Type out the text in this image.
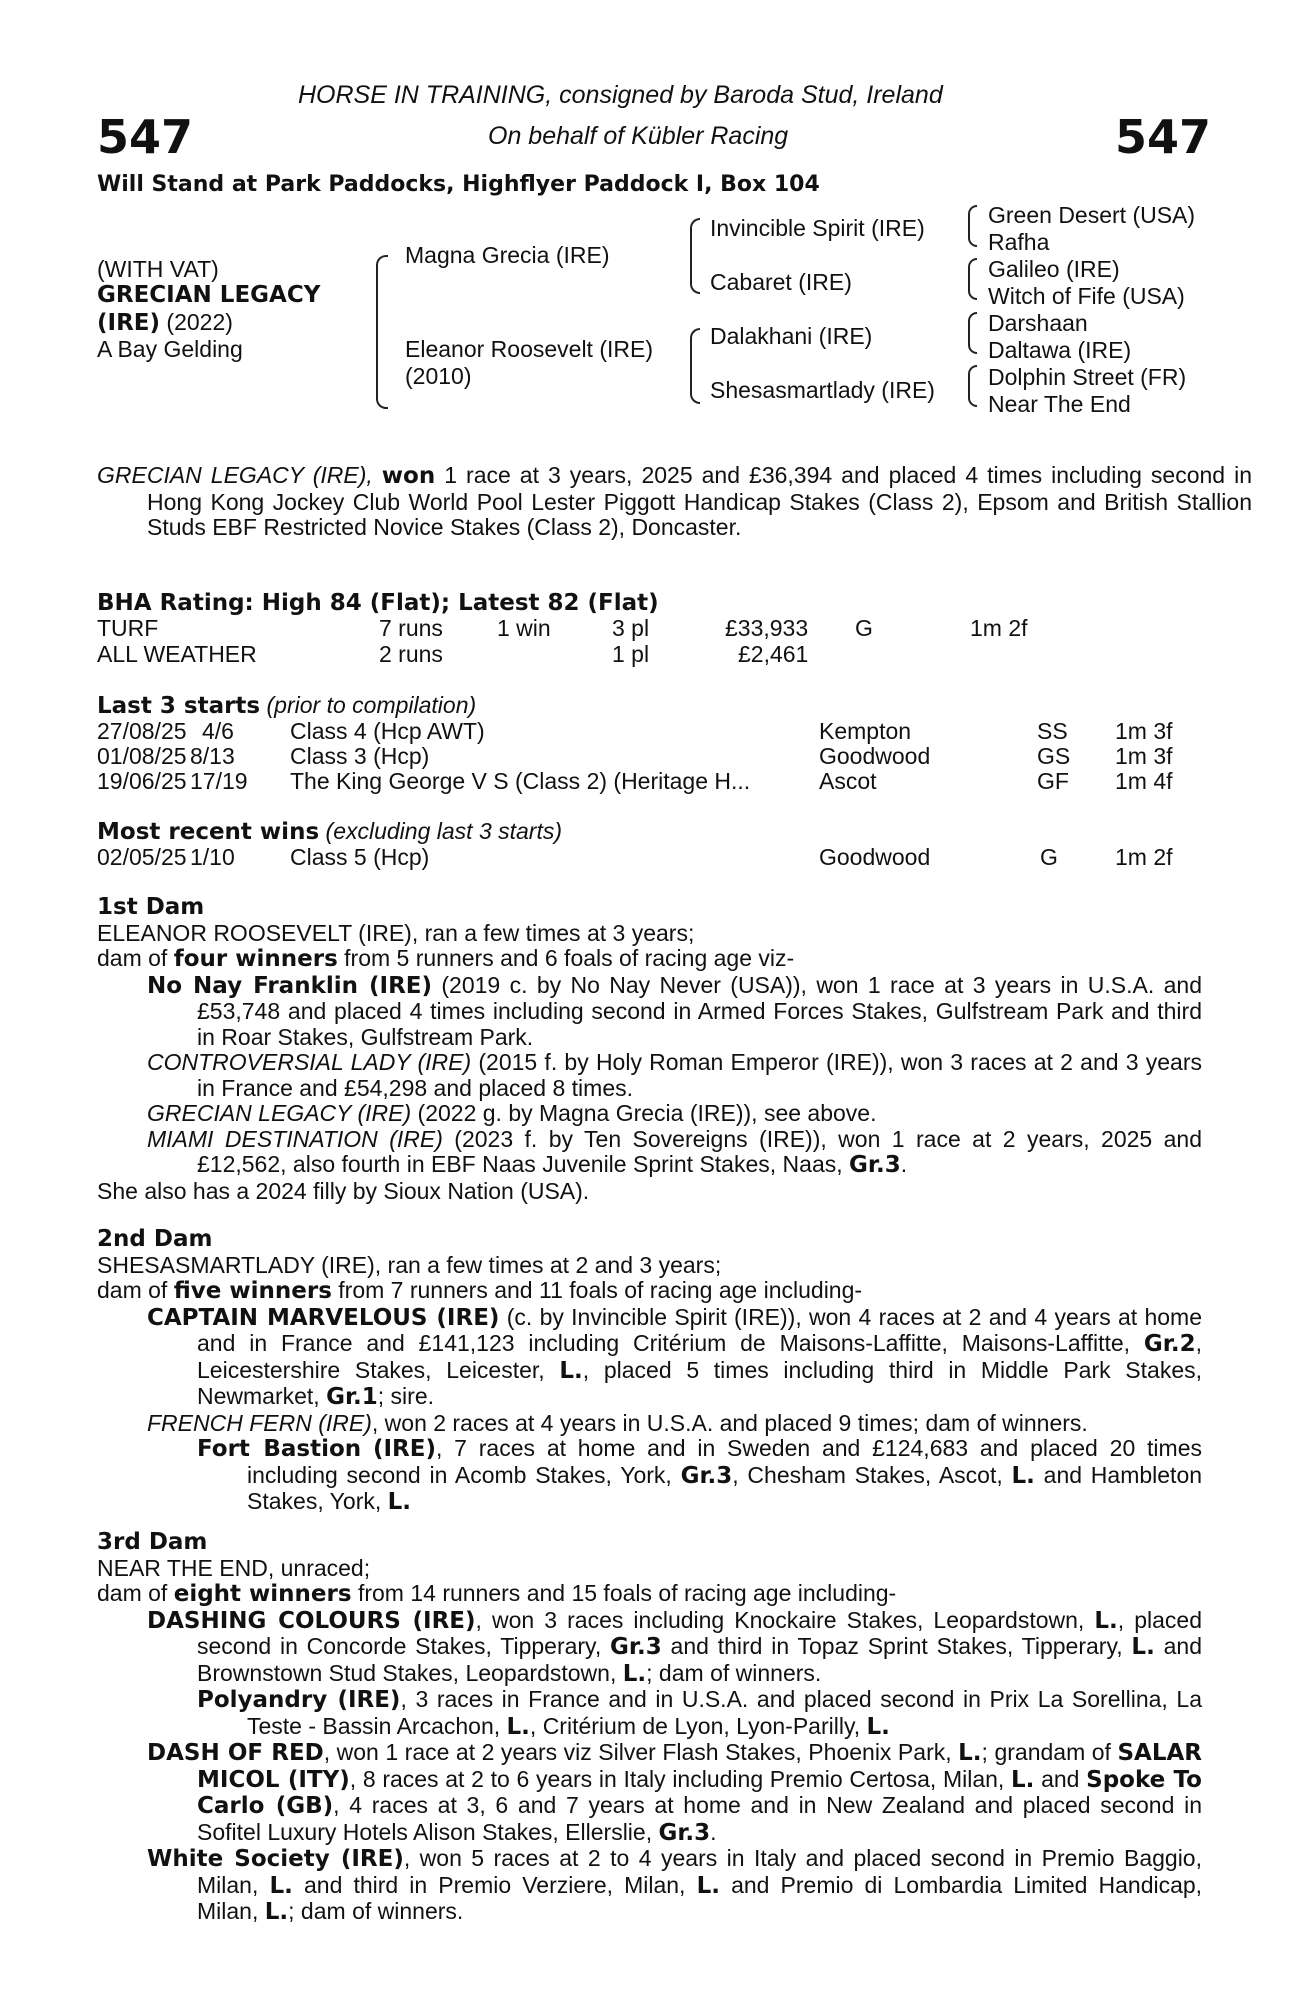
547	547
HORSE IN TRAINING, consigned by Baroda Stud, Ireland
On behalf of Kübler Racing
Will Stand at Park Paddocks, Highflyer Paddock I, Box 104
(WITH VAT)
GRECIAN LEGACY
(IRE) (2022)
A Bay Gelding
Magna Grecia (IRE)
Eleanor Roosevelt (IRE)
(2010)
Invincible Spirit (IRE)
Cabaret (IRE)
Dalakhani (IRE)
Shesasmartlady (IRE)
Green Desert (USA)
Rafha
Galileo (IRE)
Witch of Fife (USA)
Darshaan
Daltawa (IRE)
Dolphin Street (FR)
Near The End
GRECIAN LEGACY (IRE), won 1 race at 3 years, 2025 and £36,394 and placed 4 times including second in Hong Kong Jockey Club World Pool Lester Piggott Handicap Stakes (Class 2), Epsom and British Stallion Studs EBF Restricted Novice Stakes (Class 2), Doncaster.
BHA Rating: High 84 (Flat); Latest 82 (Flat)
TURF	7 runs 1 win	3 pl	£33,933 G	1m 2f
ALL WEATHER	2 runs	1 pl	£2,461
Last 3 starts (prior to compilation)
27/08/25 4/6 Class 4 (Hcp AWT)	Kempton	SS 1m 3f
01/08/25 8/13 Class 3 (Hcp)	Goodwood	GS 1m 3f
19/06/25 17/19 The King George V S (Class 2) (Heritage H...	Ascot	GF 1m 4f
Most recent wins (excluding last 3 starts)
02/05/25 1/10 Class 5 (Hcp)	Goodwood	G 1m 2f
1st Dam
ELEANOR ROOSEVELT (IRE), ran a few times at 3 years;
dam of four winners from 5 runners and 6 foals of racing age viz-
No Nay Franklin (IRE) (2019 c. by No Nay Never (USA)), won 1 race at 3 years in U.S.A. and £53,748 and placed 4 times including second in Armed Forces Stakes, Gulfstream Park and third in Roar Stakes, Gulfstream Park.
CONTROVERSIAL LADY (IRE) (2015 f. by Holy Roman Emperor (IRE)), won 3 races at 2 and 3 years in France and £54,298 and placed 8 times.
GRECIAN LEGACY (IRE) (2022 g. by Magna Grecia (IRE)), see above.
MIAMI DESTINATION (IRE) (2023 f. by Ten Sovereigns (IRE)), won 1 race at 2 years, 2025 and £12,562, also fourth in EBF Naas Juvenile Sprint Stakes, Naas, Gr.3.
She also has a 2024 filly by Sioux Nation (USA).
2nd Dam
SHESASMARTLADY (IRE), ran a few times at 2 and 3 years;
dam of five winners from 7 runners and 11 foals of racing age including-
CAPTAIN MARVELOUS (IRE) (c. by Invincible Spirit (IRE)), won 4 races at 2 and 4 years at home and in France and £141,123 including Critérium de Maisons-Laffitte, Maisons-Laffitte, Gr.2, Leicestershire Stakes, Leicester, L., placed 5 times including third in Middle Park Stakes, Newmarket, Gr.1; sire.
FRENCH FERN (IRE), won 2 races at 4 years in U.S.A. and placed 9 times; dam of winners.
Fort Bastion (IRE), 7 races at home and in Sweden and £124,683 and placed 20 times including second in Acomb Stakes, York, Gr.3, Chesham Stakes, Ascot, L. and Hambleton Stakes, York, L.
3rd Dam
NEAR THE END, unraced;
dam of eight winners from 14 runners and 15 foals of racing age including-
DASHING COLOURS (IRE), won 3 races including Knockaire Stakes, Leopardstown, L., placed second in Concorde Stakes, Tipperary, Gr.3 and third in Topaz Sprint Stakes, Tipperary, L. and Brownstown Stud Stakes, Leopardstown, L.; dam of winners.
Polyandry (IRE), 3 races in France and in U.S.A. and placed second in Prix La Sorellina, La Teste - Bassin Arcachon, L., Critérium de Lyon, Lyon-Parilly, L.
DASH OF RED, won 1 race at 2 years viz Silver Flash Stakes, Phoenix Park, L.; grandam of SALAR MICOL (ITY), 8 races at 2 to 6 years in Italy including Premio Certosa, Milan, L. and Spoke To Carlo (GB), 4 races at 3, 6 and 7 years at home and in New Zealand and placed second in Sofitel Luxury Hotels Alison Stakes, Ellerslie, Gr.3.
White Society (IRE), won 5 races at 2 to 4 years in Italy and placed second in Premio Baggio, Milan, L. and third in Premio Verziere, Milan, L. and Premio di Lombardia Limited Handicap, Milan, L.; dam of winners.
